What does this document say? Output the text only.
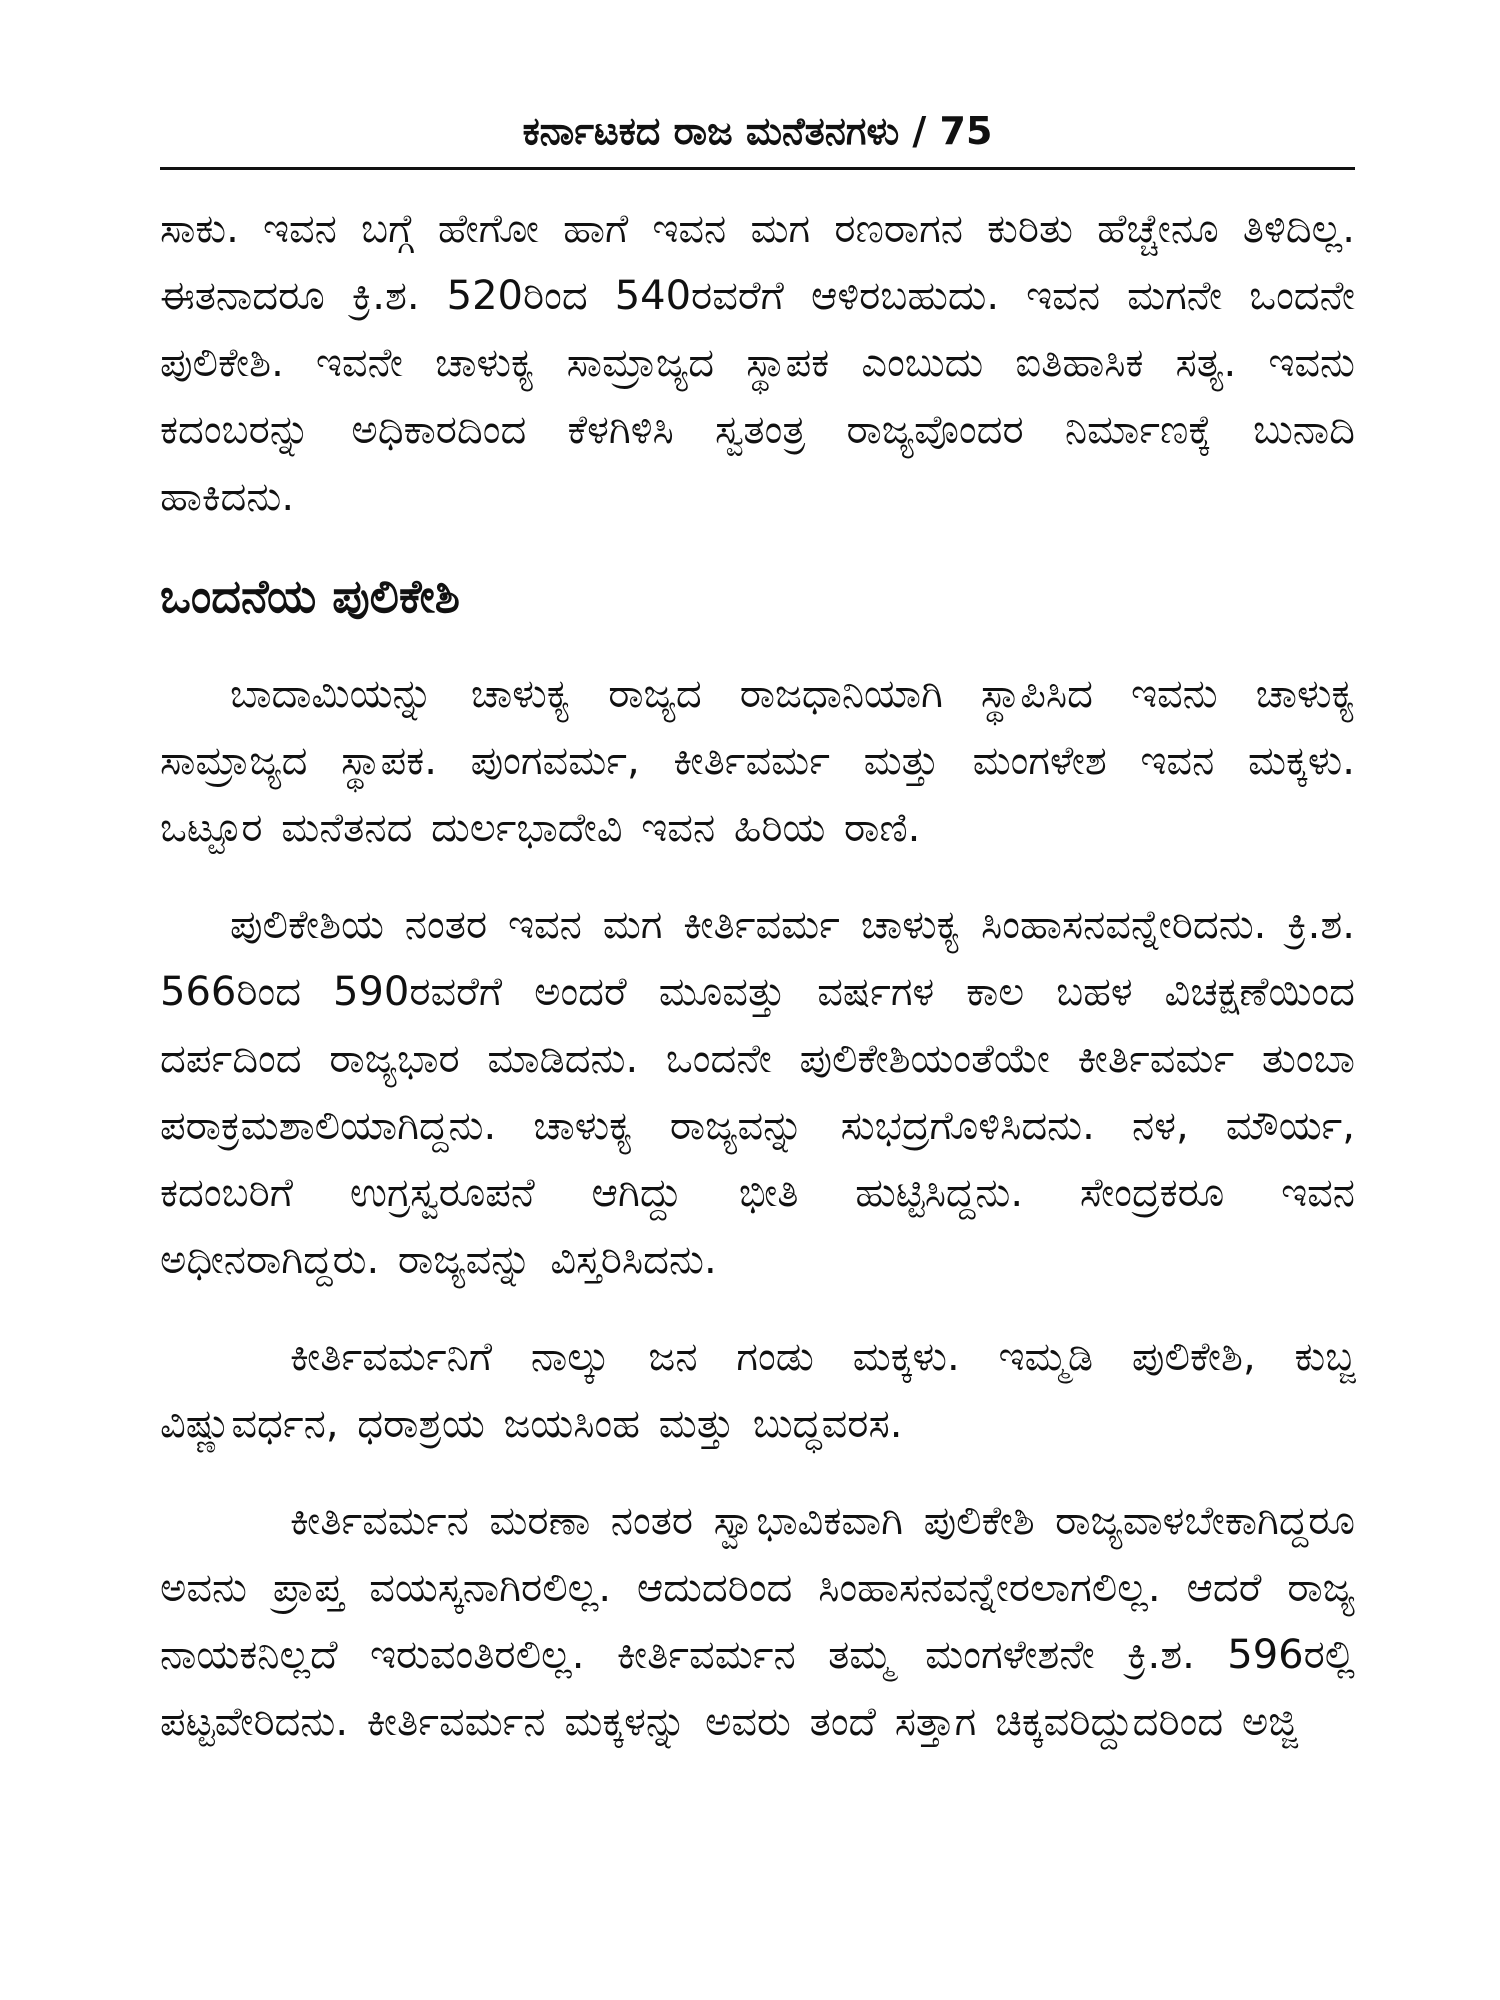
ಕರ್ನಾಟಕದ ರಾಜ ಮನೆತನಗಳು / 75

ಸಾಕು. ಇವನ ಬಗ್ಗೆ ಹೇಗೋ ಹಾಗೆ ಇವನ ಮಗ ರಣರಾಗನ ಕುರಿತು ಹೆಚ್ಚೇನೂ ತಿಳಿದಿಲ್ಲ. ಈತನಾದರೂ ಕ್ರಿ.ಶ. 520ರಿಂದ 540ರವರೆಗೆ ಆಳಿರಬಹುದು. ಇವನ ಮಗನೇ ಒಂದನೇ ಪುಲಿಕೇಶಿ. ಇವನೇ ಚಾಳುಕ್ಯ ಸಾಮ್ರಾಜ್ಯದ ಸ್ಥಾಪಕ ಎಂಬುದು ಐತಿಹಾಸಿಕ ಸತ್ಯ. ಇವನು ಕದಂಬರನ್ನು ಅಧಿಕಾರದಿಂದ ಕೆಳಗಿಳಿಸಿ ಸ್ವತಂತ್ರ ರಾಜ್ಯವೊಂದರ ನಿರ್ಮಾಣಕ್ಕೆ ಬುನಾದಿ ಹಾಕಿದನು.

ಒಂದನೆಯ ಪುಲಿಕೇಶಿ

ಬಾದಾಮಿಯನ್ನು ಚಾಳುಕ್ಯ ರಾಜ್ಯದ ರಾಜಧಾನಿಯಾಗಿ ಸ್ಥಾಪಿಸಿದ ಇವನು ಚಾಳುಕ್ಯ ಸಾಮ್ರಾಜ್ಯದ ಸ್ಥಾಪಕ. ಪುಂಗವರ್ಮ, ಕೀರ್ತಿವರ್ಮ ಮತ್ತು ಮಂಗಳೇಶ ಇವನ ಮಕ್ಕಳು. ಒಟ್ಟೂರ ಮನೆತನದ ದುರ್ಲಭಾದೇವಿ ಇವನ ಹಿರಿಯ ರಾಣಿ.

ಪುಲಿಕೇಶಿಯ ನಂತರ ಇವನ ಮಗ ಕೀರ್ತಿವರ್ಮ ಚಾಳುಕ್ಯ ಸಿಂಹಾಸನವನ್ನೇರಿದನು. ಕ್ರಿ.ಶ. 566ರಿಂದ 590ರವರೆಗೆ ಅಂದರೆ ಮೂವತ್ತು ವರ್ಷಗಳ ಕಾಲ ಬಹಳ ವಿಚಕ್ಷಣೆಯಿಂದ ದರ್ಪದಿಂದ ರಾಜ್ಯಭಾರ ಮಾಡಿದನು. ಒಂದನೇ ಪುಲಿಕೇಶಿಯಂತೆಯೇ ಕೀರ್ತಿವರ್ಮ ತುಂಬಾ ಪರಾಕ್ರಮಶಾಲಿಯಾಗಿದ್ದನು. ಚಾಳುಕ್ಯ ರಾಜ್ಯವನ್ನು ಸುಭದ್ರಗೊಳಿಸಿದನು. ನಳ, ಮೌರ್ಯ, ಕದಂಬರಿಗೆ ಉಗ್ರಸ್ವರೂಪನೆ ಆಗಿದ್ದು ಭೀತಿ ಹುಟ್ಟಿಸಿದ್ದನು. ಸೇಂದ್ರಕರೂ ಇವನ ಅಧೀನರಾಗಿದ್ದರು. ರಾಜ್ಯವನ್ನು ವಿಸ್ತರಿಸಿದನು.

ಕೀರ್ತಿವರ್ಮನಿಗೆ ನಾಲ್ಕು ಜನ ಗಂಡು ಮಕ್ಕಳು. ಇಮ್ಮಡಿ ಪುಲಿಕೇಶಿ, ಕುಬ್ಜ ವಿಷ್ಣುವರ್ಧನ, ಧರಾಶ್ರಯ ಜಯಸಿಂಹ ಮತ್ತು ಬುದ್ಧವರಸ.

ಕೀರ್ತಿವರ್ಮನ ಮರಣಾ ನಂತರ ಸ್ವಾಭಾವಿಕವಾಗಿ ಪುಲಿಕೇಶಿ ರಾಜ್ಯವಾಳಬೇಕಾಗಿದ್ದರೂ ಅವನು ಪ್ರಾಪ್ತ ವಯಸ್ಕನಾಗಿರಲಿಲ್ಲ. ಆದುದರಿಂದ ಸಿಂಹಾಸನವನ್ನೇರಲಾಗಲಿಲ್ಲ. ಆದರೆ ರಾಜ್ಯ ನಾಯಕನಿಲ್ಲದೆ ಇರುವಂತಿರಲಿಲ್ಲ. ಕೀರ್ತಿವರ್ಮನ ತಮ್ಮ ಮಂಗಳೇಶನೇ ಕ್ರಿ.ಶ. 596ರಲ್ಲಿ ಪಟ್ಟವೇರಿದನು. ಕೀರ್ತಿವರ್ಮನ ಮಕ್ಕಳನ್ನು ಅವರು ತಂದೆ ಸತ್ತಾಗ ಚಿಕ್ಕವರಿದ್ದುದರಿಂದ ಅಜ್ಜಿ
